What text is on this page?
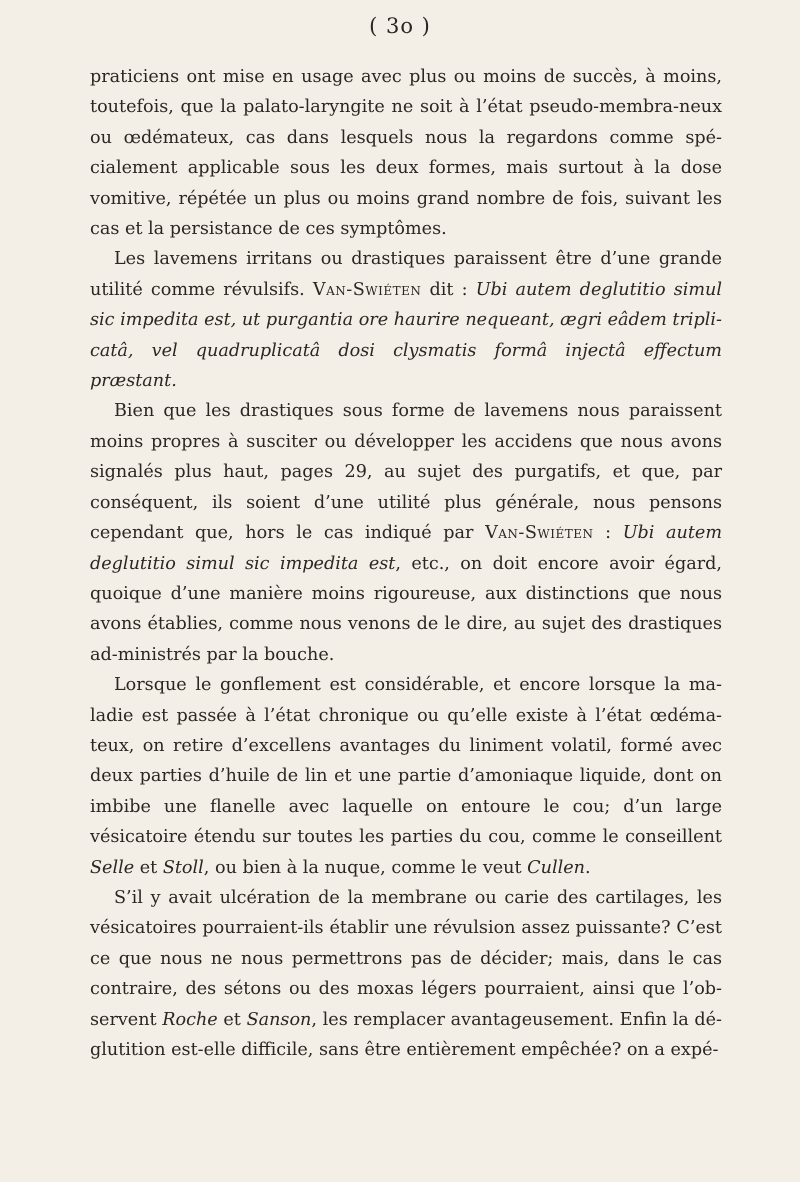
( 3o )

praticiens ont mise en usage avec plus ou moins de succès, à moins, toutefois, que la palato-laryngite ne soit à l’état pseudo-membra-neux ou œdémateux, cas dans lesquels nous la regardons comme spé-cialement applicable sous les deux formes, mais surtout à la dose vomitive, répétée un plus ou moins grand nombre de fois, suivant les cas et la persistance de ces symptômes.

Les lavemens irritans ou drastiques paraissent être d’une grande utilité comme révulsifs. Van-Swiéten dit : Ubi autem deglutitio simul sic impedita est, ut purgantia ore haurire nequeant, ægri eâdem tripli-catâ, vel quadruplicatâ dosi clysmatis formâ injectâ effectum præstant.

Bien que les drastiques sous forme de lavemens nous paraissent moins propres à susciter ou développer les accidens que nous avons signalés plus haut, pages 29, au sujet des purgatifs, et que, par conséquent, ils soient d’une utilité plus générale, nous pensons cependant que, hors le cas indiqué par Van-Swiéten : Ubi autem deglutitio simul sic impedita est, etc., on doit encore avoir égard, quoique d’une manière moins rigoureuse, aux distinctions que nous avons établies, comme nous venons de le dire, au sujet des drastiques ad-ministrés par la bouche.

Lorsque le gonflement est considérable, et encore lorsque la ma-ladie est passée à l’état chronique ou qu’elle existe à l’état œdéma-teux, on retire d’excellens avantages du liniment volatil, formé avec deux parties d’huile de lin et une partie d’amoniaque liquide, dont on imbibe une flanelle avec laquelle on entoure le cou; d’un large vésicatoire étendu sur toutes les parties du cou, comme le conseillent Selle et Stoll, ou bien à la nuque, comme le veut Cullen.

S’il y avait ulcération de la membrane ou carie des cartilages, les vésicatoires pourraient-ils établir une révulsion assez puissante? C’est ce que nous ne nous permettrons pas de décider; mais, dans le cas contraire, des sétons ou des moxas légers pourraient, ainsi que l’ob-servent Roche et Sanson, les remplacer avantageusement. Enfin la dé-glutition est-elle difficile, sans être entièrement empêchée? on a expé-
